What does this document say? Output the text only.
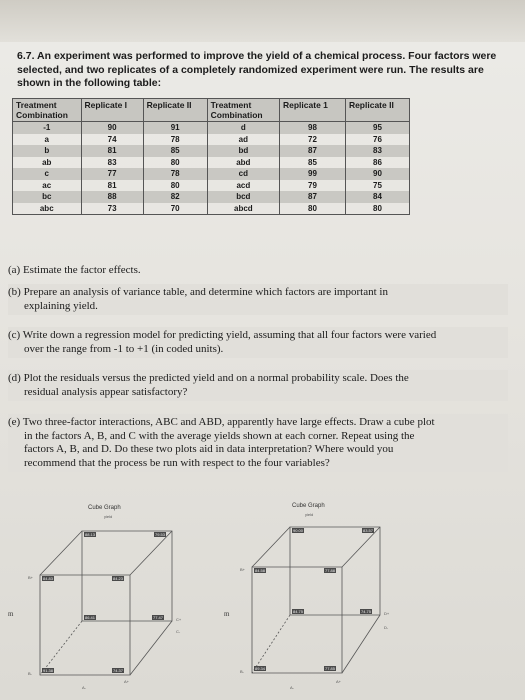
6.7. An experiment was performed to improve the yield of a chemical process. Four factors were selected, and two replicates of a completely randomized experiment were run. The results are shown in the following table:
Treatment Combination	Replicate I	Replicate II	Treatment Combination	Replicate 1	Replicate II
-1	90	91	d	98	95
a	74	78	ad	72	76
b	81	85	bd	87	83
ab	83	80	abd	85	86
c	77	78	cd	99	90
ac	81	80	acd	79	75
bc	88	82	bcd	87	84
abc	73	70	abcd	80	80
(a) Estimate the factor effects.
(b) Prepare an analysis of variance table, and determine which factors are important in
explaining yield.
(c) Write down a regression model for predicting yield, assuming that all four factors were varied
over the range from -1 to +1 (in coded units).
(d) Plot the residuals versus the predicted yield and on a normal probability scale. Does the
residual analysis appear satisfactory?
(e) Two three-factor interactions, ABC and ABD, apparently have large effects. Draw a cube plot
in the factors A, B, and C with the average yields shown at each corner. Repeat using the
factors A, B, and D. Do these two plots aid in data interpretation? Where would you
recommend that the process be run with respect to the four variables?
Cube Graph
yield
88.13	79.53
84.83	84.23
86.41	77.47
91.38	74.37
B+
B-
A-
A+
C+
C-
Cube Graph
yield
90.00	83.57
84.58	77.88
84.75	74.75
89.34	77.85
B+
B-
A-
A+
D+
D-
m	m
